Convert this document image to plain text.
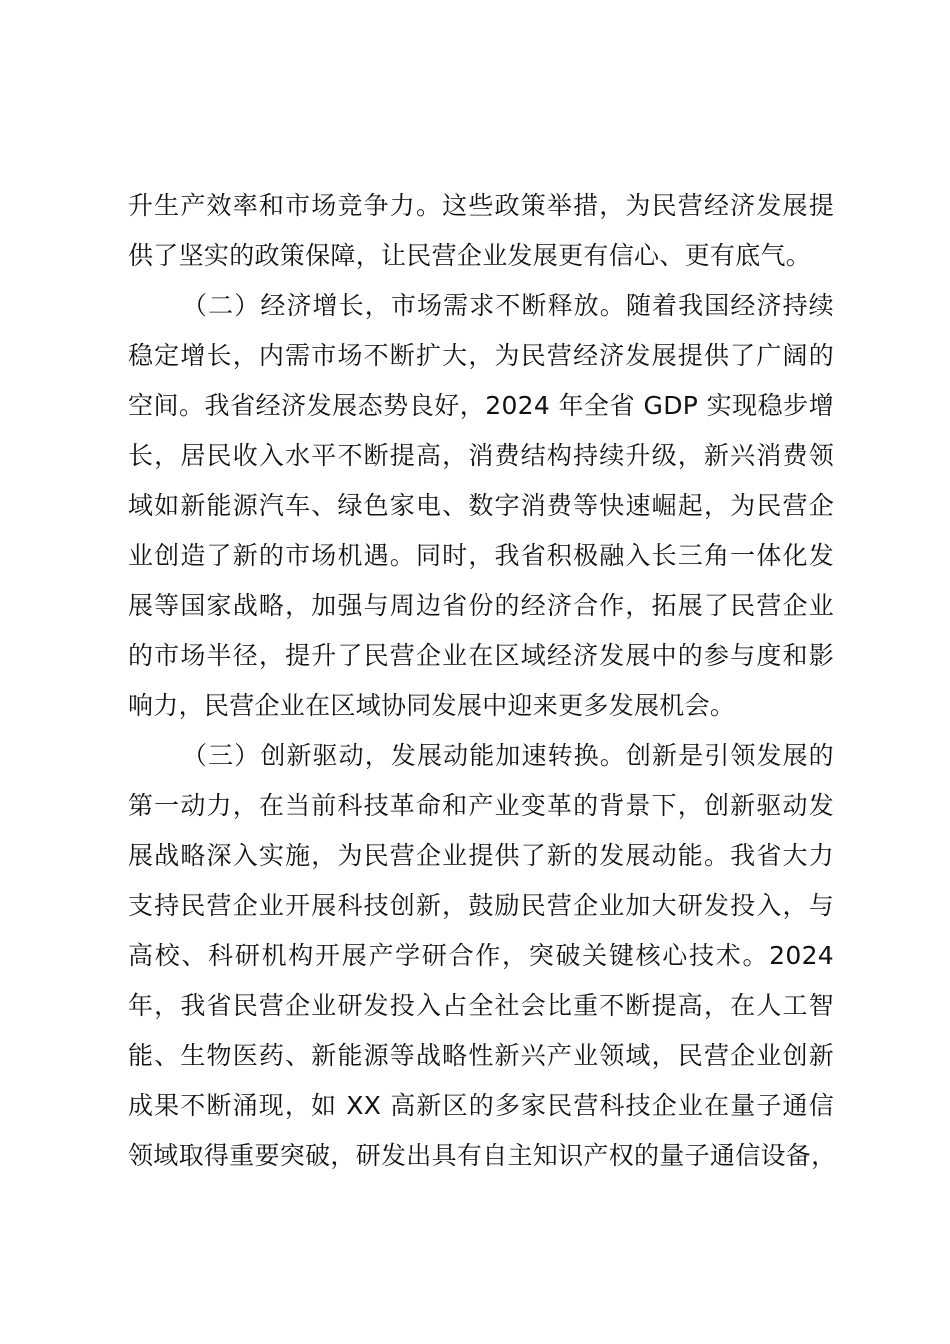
升生产效率和市场竞争力。这些政策举措，为民营经济发展提
供了坚实的政策保障，让民营企业发展更有信心、更有底气。
（二）经济增长，市场需求不断释放。随着我国经济持续
稳定增长，内需市场不断扩大，为民营经济发展提供了广阔的
空间。我省经济发展态势良好，2024 年全省 GDP 实现稳步增
长，居民收入水平不断提高，消费结构持续升级，新兴消费领
域如新能源汽车、绿色家电、数字消费等快速崛起，为民营企
业创造了新的市场机遇。同时，我省积极融入长三角一体化发
展等国家战略，加强与周边省份的经济合作，拓展了民营企业
的市场半径，提升了民营企业在区域经济发展中的参与度和影
响力，民营企业在区域协同发展中迎来更多发展机会。
（三）创新驱动，发展动能加速转换。创新是引领发展的
第一动力，在当前科技革命和产业变革的背景下，创新驱动发
展战略深入实施，为民营企业提供了新的发展动能。我省大力
支持民营企业开展科技创新，鼓励民营企业加大研发投入，与
高校、科研机构开展产学研合作，突破关键核心技术。2024
年，我省民营企业研发投入占全社会比重不断提高，在人工智
能、生物医药、新能源等战略性新兴产业领域，民营企业创新
成果不断涌现，如 XX 高新区的多家民营科技企业在量子通信
领域取得重要突破，研发出具有自主知识产权的量子通信设备，
